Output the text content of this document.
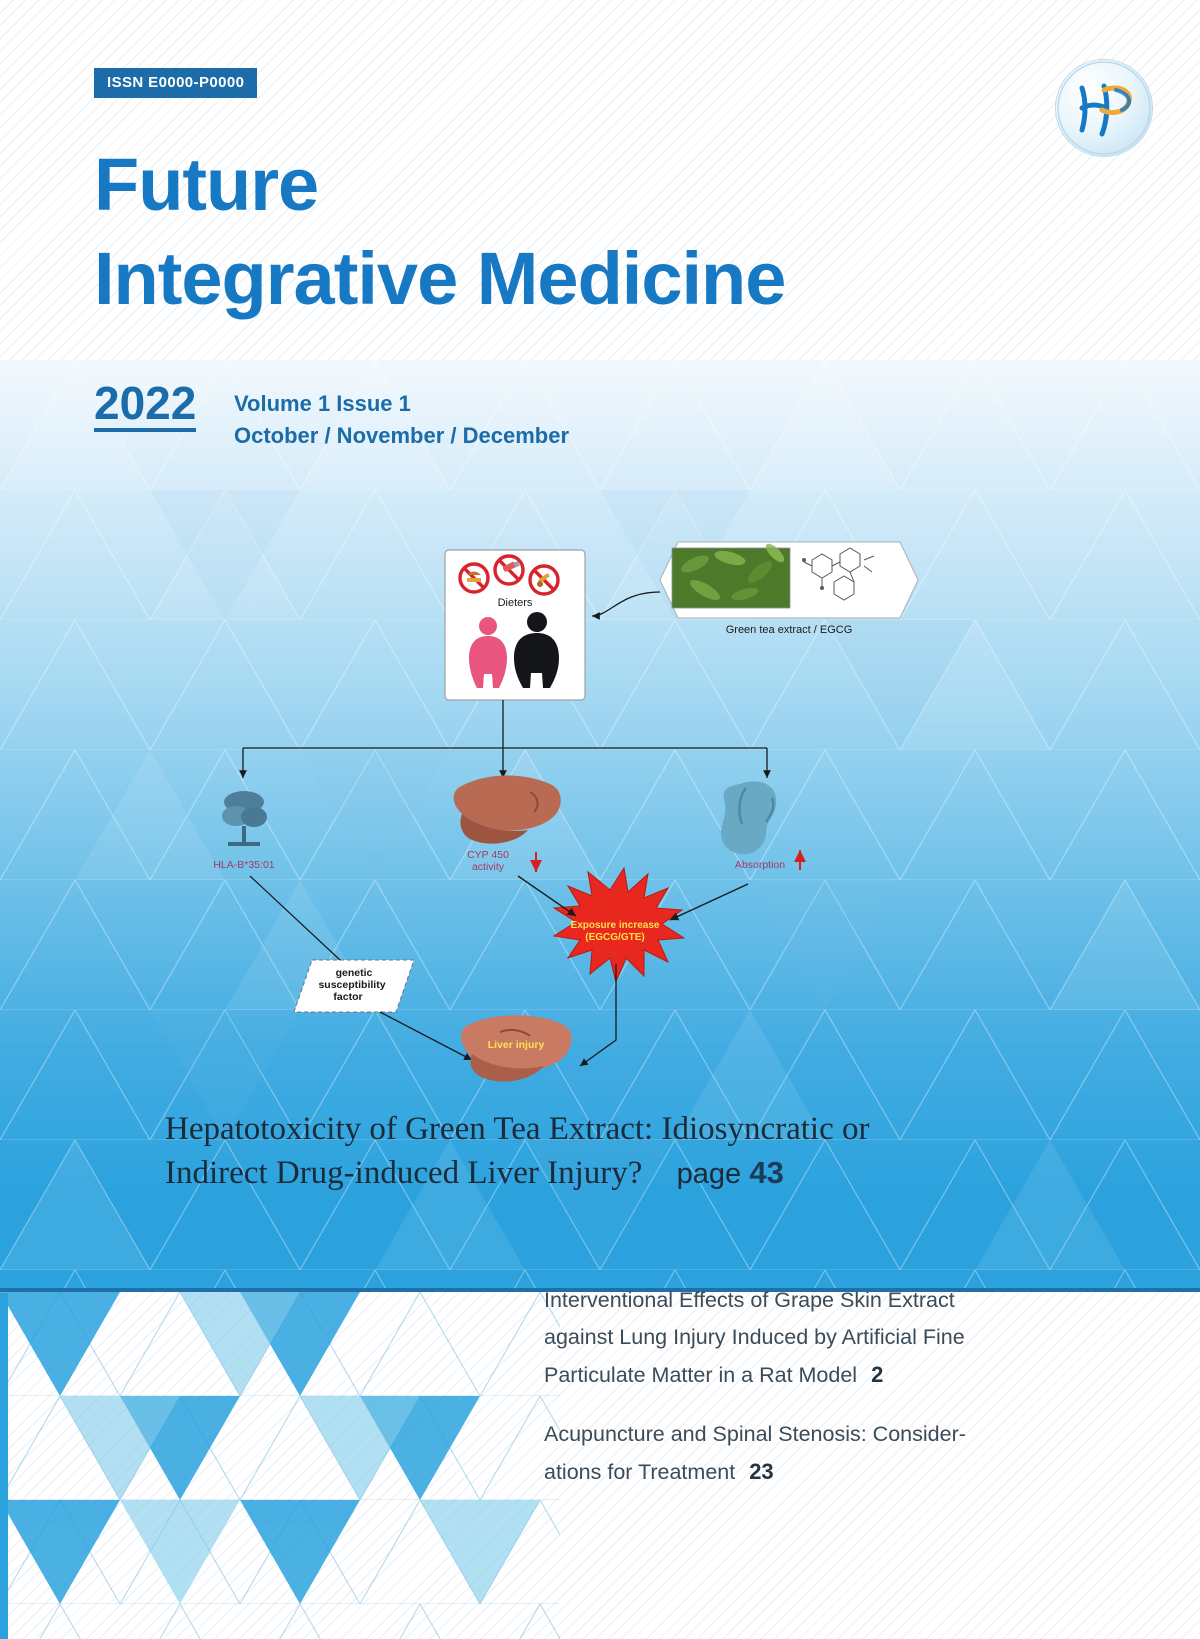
ISSN E0000-P0000
Future
Integrative Medicine
2022 Volume 1 Issue 1
October / November / December
Green tea extract / EGCG
Dieters
HLA-B*35:01
CYP 450
activity	Absorption
Exposure increase
(EGCG/GTE)
genetic
susceptibility
factor
Liver injury
Hepatotoxicity of Green Tea Extract: Idiosyncratic or
Indirect Drug-induced Liver Injury? page 43
Interventional Effects of Grape Skin Extract
against Lung Injury Induced by Artificial Fine
Particulate Matter in a Rat Model 2
Acupuncture and Spinal Stenosis: Consider-
ations for Treatment 23
